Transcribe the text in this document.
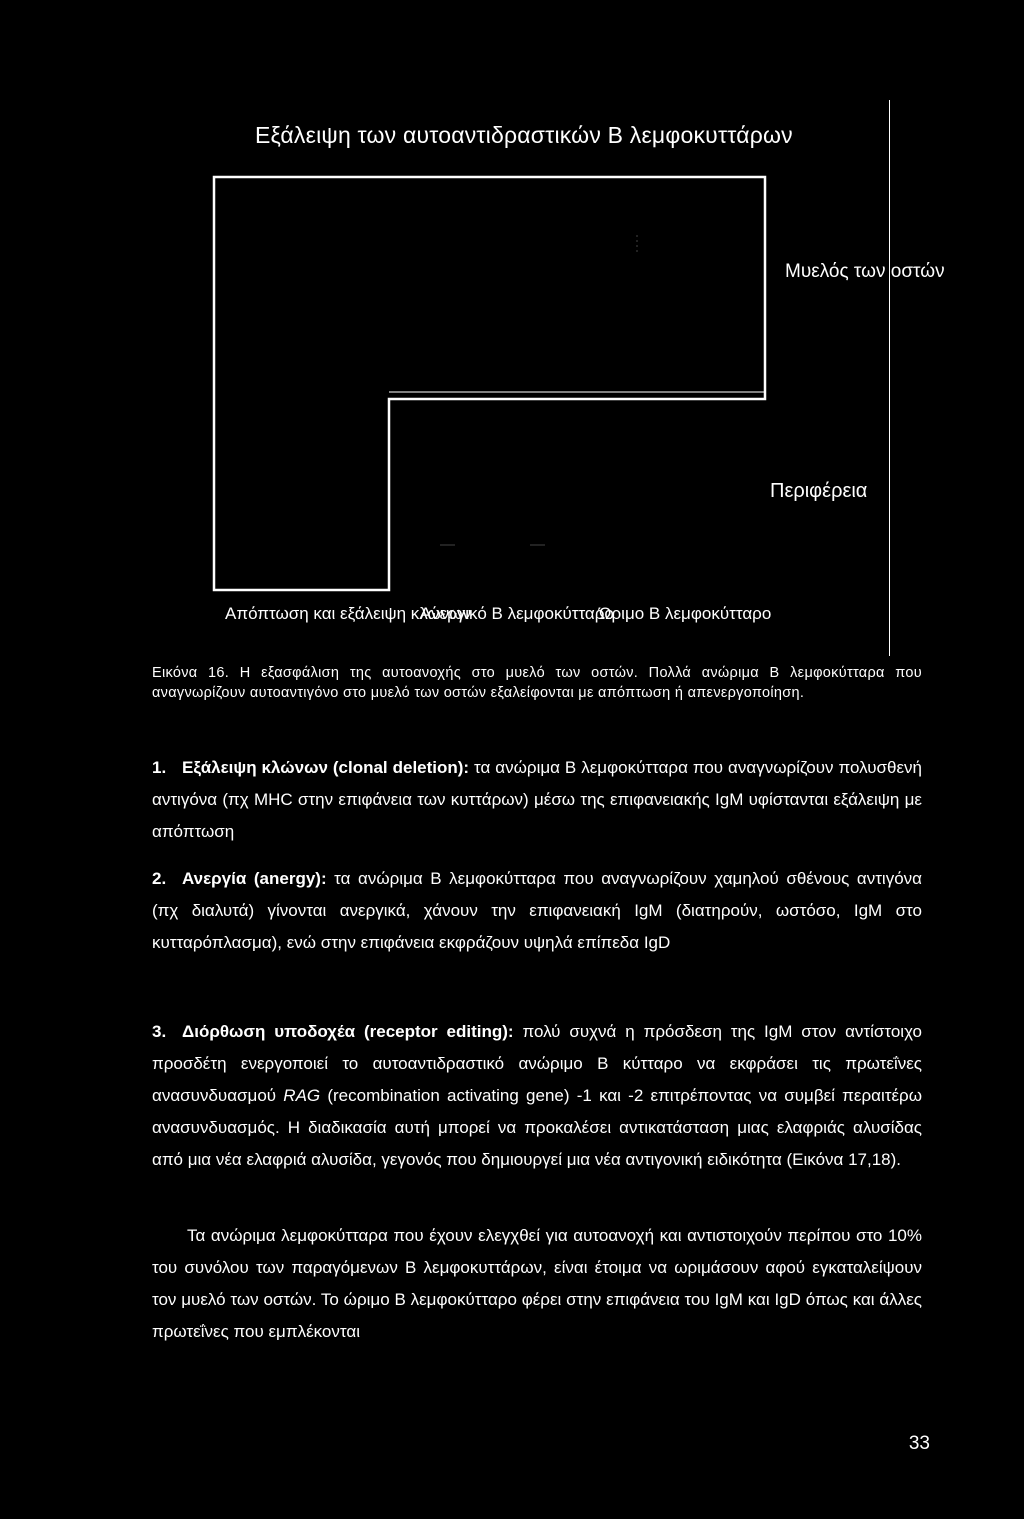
Εξάλειψη των αυτοαντιδραστικών Β λεμφοκυττάρων
Μυελός των οστών
Περιφέρεια
Απόπτωση και εξάλειψη κλώνων
Ανεργικό Β λεμφοκύτταρο
Ώριμο Β λεμφοκύτταρο
Εικόνα 16. Η εξασφάλιση της αυτοανοχής στο μυελό των οστών. Πολλά ανώριμα Β λεμφοκύτταρα που αναγνωρίζουν αυτοαντιγόνο στο μυελό των οστών εξαλείφονται με απόπτωση ή απενεργοποίηση.
1. Εξάλειψη κλώνων (clonal deletion): τα ανώριμα Β λεμφοκύτταρα που αναγνωρίζουν πολυσθενή αντιγόνα (πχ MHC στην επιφάνεια των κυττάρων) μέσω της επιφανειακής IgM υφίστανται εξάλειψη με απόπτωση
2. Ανεργία (anergy): τα ανώριμα Β λεμφοκύτταρα που αναγνωρίζουν χαμηλού σθένους αντιγόνα (πχ διαλυτά) γίνονται ανεργικά, χάνουν την επιφανειακή IgM (διατηρούν, ωστόσο, IgM στο κυτταρόπλασμα), ενώ στην επιφάνεια εκφράζουν υψηλά επίπεδα IgD
3. Διόρθωση υποδοχέα (receptor editing): πολύ συχνά η πρόσδεση της IgM στον αντίστοιχο προσδέτη ενεργοποιεί το αυτοαντιδραστικό ανώριμο Β κύτταρο να εκφράσει τις πρωτεΐνες ανασυνδυασμού RAG (recombination activating gene) -1 και -2 επιτρέποντας να συμβεί περαιτέρω ανασυνδυασμός. Η διαδικασία αυτή μπορεί να προκαλέσει αντικατάσταση μιας ελαφριάς αλυσίδας από μια νέα ελαφριά αλυσίδα, γεγονός που δημιουργεί μια νέα αντιγονική ειδικότητα (Εικόνα 17,18).
Τα ανώριμα λεμφοκύτταρα που έχουν ελεγχθεί για αυτοανοχή και αντιστοιχούν περίπου στο 10% του συνόλου των παραγόμενων Β λεμφοκυττάρων, είναι έτοιμα να ωριμάσουν αφού εγκαταλείψουν τον μυελό των οστών. Το ώριμο Β λεμφοκύτταρο φέρει στην επιφάνεια του IgM και IgD όπως και άλλες πρωτεΐνες που εμπλέκονται
33
